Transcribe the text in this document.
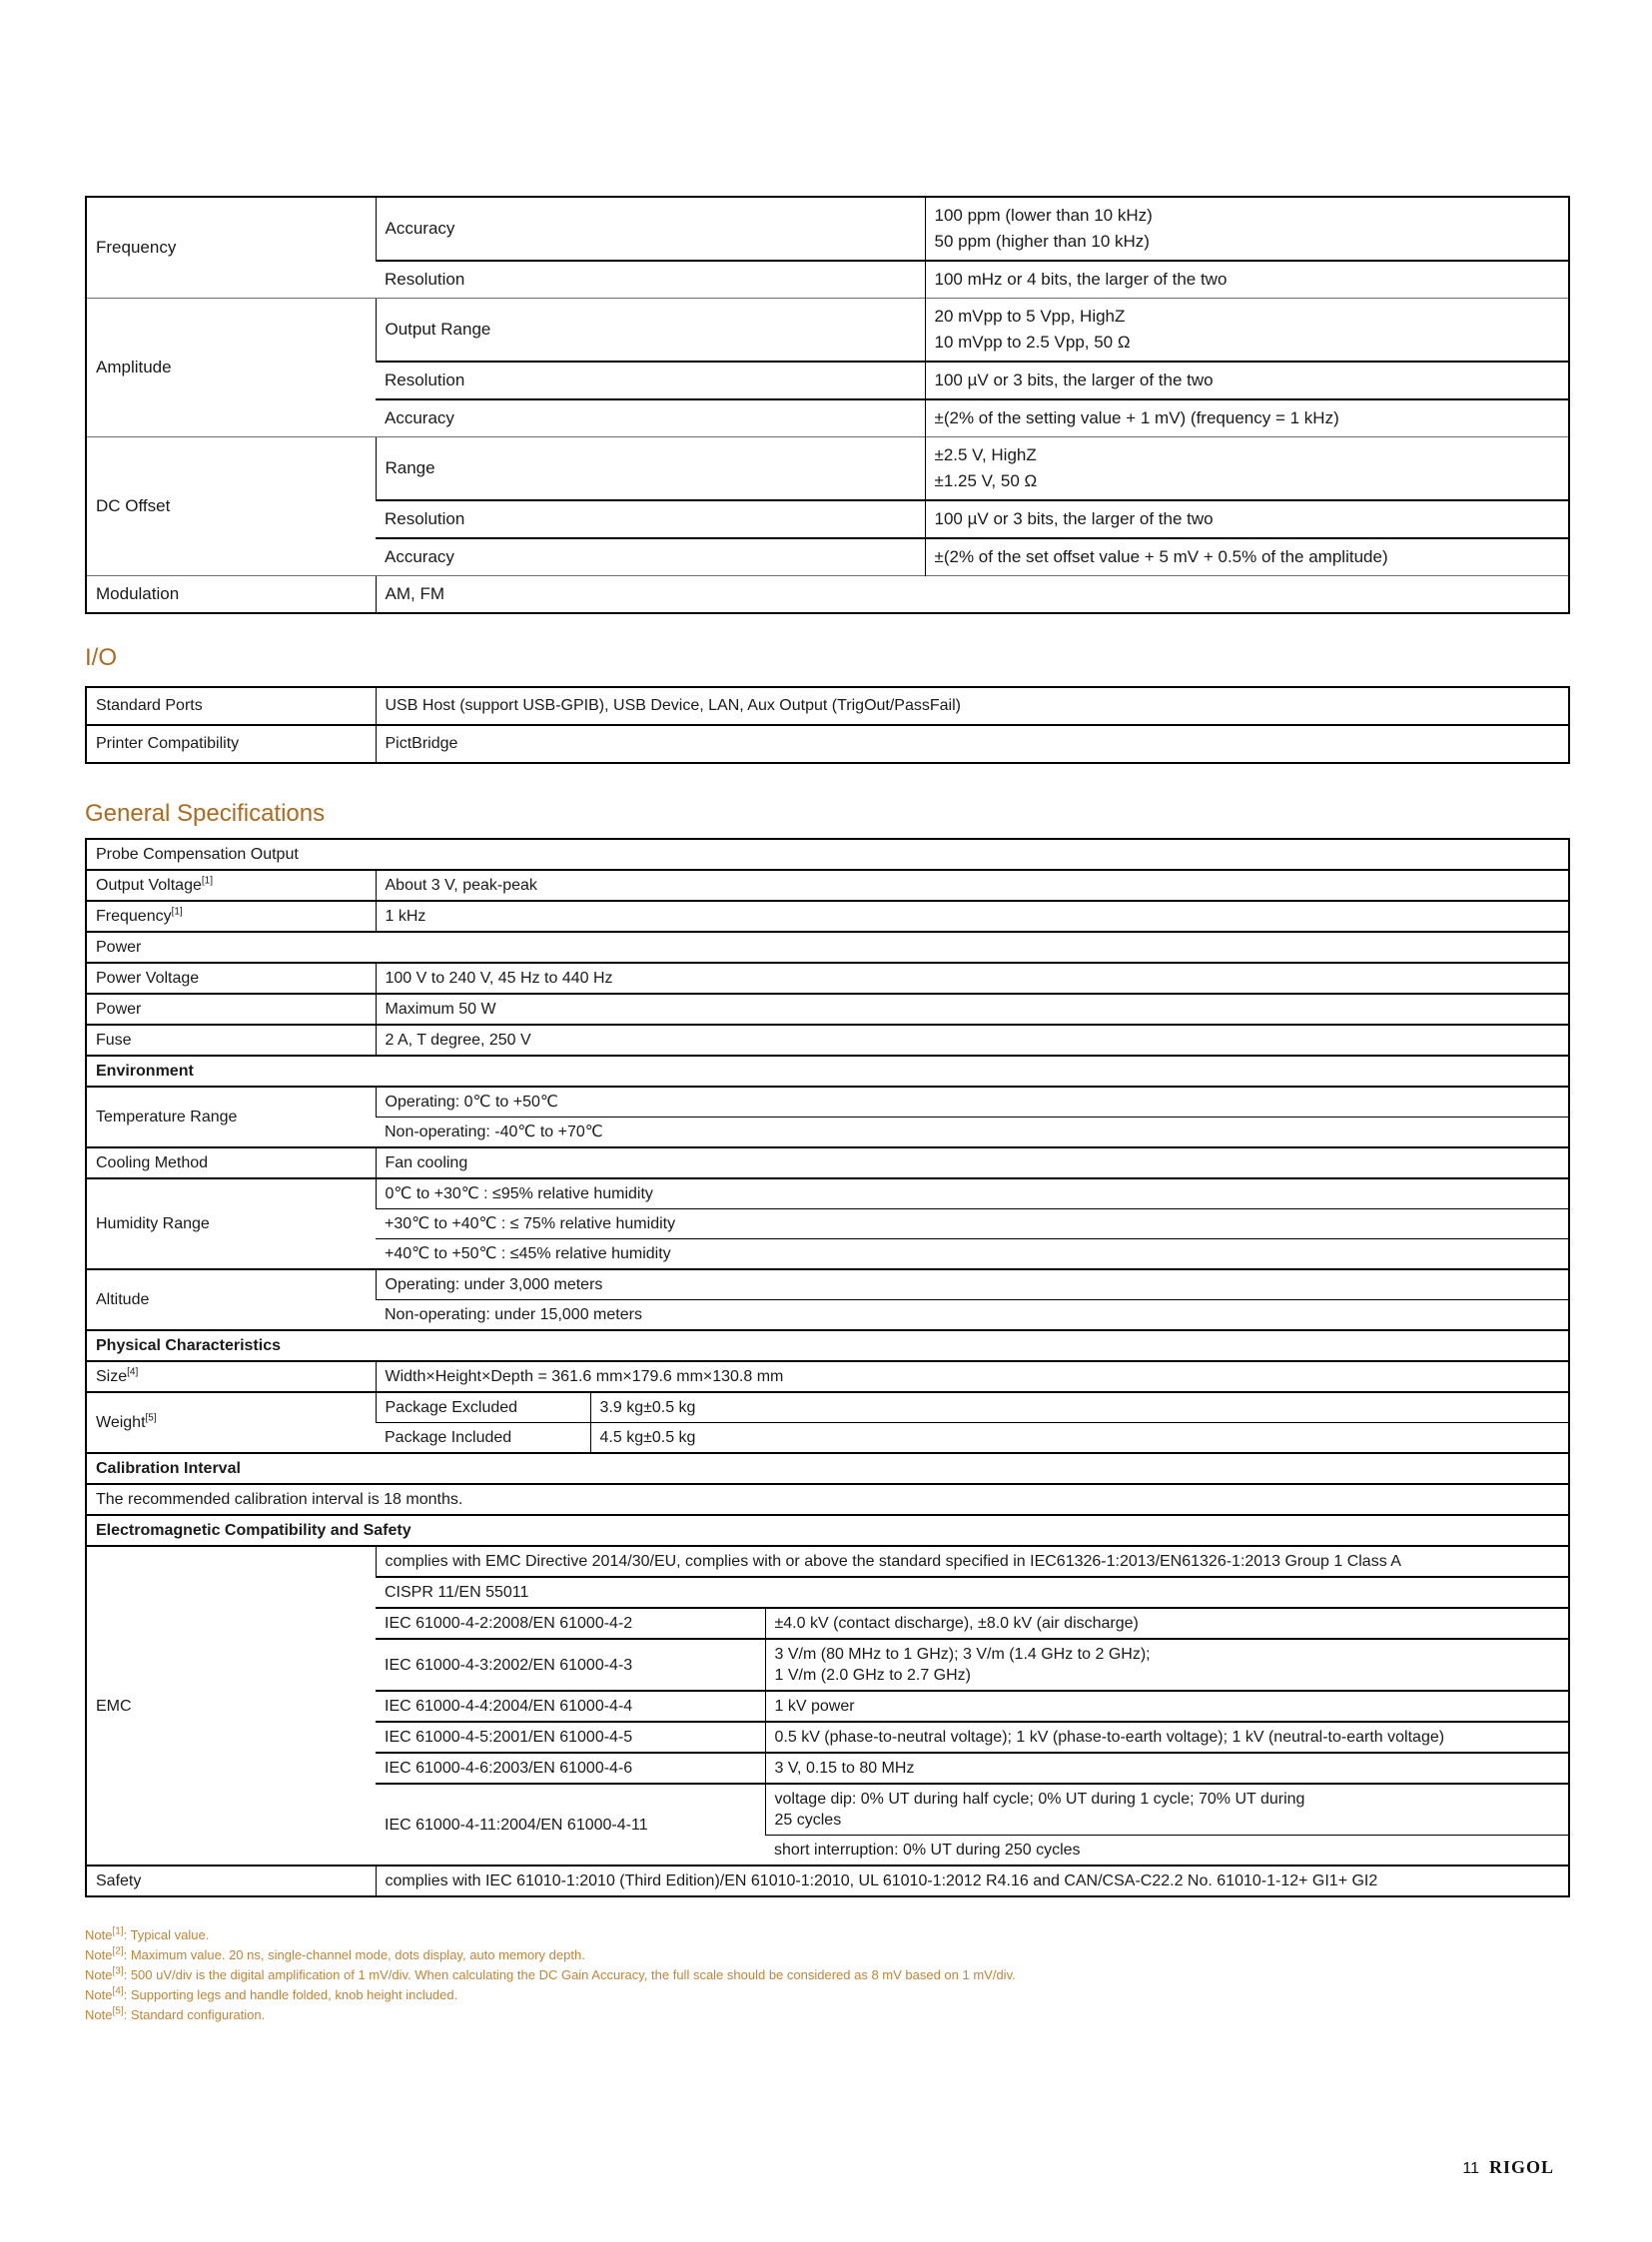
Frequency	Accuracy	100 ppm (lower than 10 kHz)
50 ppm (higher than 10 kHz)
	Resolution	100 mHz or 4 bits, the larger of the two
Amplitude	Output Range	20 mVpp to 5 Vpp, HighZ
10 mVpp to 2.5 Vpp, 50 Ω
	Resolution	100 µV or 3 bits, the larger of the two
	Accuracy	±(2% of the setting value + 1 mV) (frequency = 1 kHz)
DC Offset	Range	±2.5 V, HighZ
±1.25 V, 50 Ω
	Resolution	100 µV or 3 bits, the larger of the two
	Accuracy	±(2% of the set offset value + 5 mV + 0.5% of the amplitude)
Modulation	AM, FM	
I/O
Standard Ports	USB Host (support USB-GPIB), USB Device, LAN, Aux Output (TrigOut/PassFail)
Printer Compatibility	PictBridge
General Specifications
Probe Compensation Output			
Output Voltage[1]	About 3 V, peak-peak		
Frequency[1]	1 kHz		
Power			
Power Voltage	100 V to 240 V, 45 Hz to 440 Hz		
Power	Maximum 50 W		
Fuse	2 A, T degree, 250 V		
Environment			
Temperature Range	Operating: 0℃ to +50℃		
	Non-operating: -40℃ to +70℃		
Cooling Method	Fan cooling		
Humidity Range	0℃ to +30℃ : ≤95% relative humidity		
	+30℃ to +40℃ : ≤ 75% relative humidity		
	+40℃ to +50℃ : ≤45% relative humidity		
Altitude	Operating: under 3,000 meters		
	Non-operating: under 15,000 meters		
Physical Characteristics			
Size[4]	Width×Height×Depth = 361.6 mm×179.6 mm×130.8 mm		
Weight[5]	Package Excluded	3.9 kg±0.5 kg	
	Package Included	4.5 kg±0.5 kg	
Calibration Interval			
The recommended calibration interval is 18 months.			
Electromagnetic Compatibility and Safety			
EMC	complies with EMC Directive 2014/30/EU, complies with or above the standard specified in IEC61326-1:2013/EN61326-1:2013 Group 1 Class A		
	CISPR 11/EN 55011		
	IEC 61000-4-2:2008/EN 61000-4-2		±4.0 kV (contact discharge), ±8.0 kV (air discharge)
	IEC 61000-4-3:2002/EN 61000-4-3		3 V/m (80 MHz to 1 GHz); 3 V/m (1.4 GHz to 2 GHz);
1 V/m (2.0 GHz to 2.7 GHz)
	IEC 61000-4-4:2004/EN 61000-4-4		1 kV power
	IEC 61000-4-5:2001/EN 61000-4-5		0.5 kV (phase-to-neutral voltage); 1 kV (phase-to-earth voltage); 1 kV (neutral-to-earth voltage)
	IEC 61000-4-6:2003/EN 61000-4-6		3 V, 0.15 to 80 MHz
	IEC 61000-4-11:2004/EN 61000-4-11		voltage dip: 0% UT during half cycle; 0% UT during 1 cycle; 70% UT during
25 cycles
			short interruption: 0% UT during 250 cycles
Safety	complies with IEC 61010-1:2010 (Third Edition)/EN 61010-1:2010, UL 61010-1:2012 R4.16 and CAN/CSA-C22.2 No. 61010-1-12+ GI1+ GI2		

Note[1]: Typical value.

Note[2]: Maximum value. 20 ns, single-channel mode, dots display, auto memory depth.

Note[3]: 500 uV/div is the digital amplification of 1 mV/div. When calculating the DC Gain Accuracy, the full scale should be considered as 8 mV based on 1 mV/div.

Note[4]: Supporting legs and handle folded, knob height included.

Note[5]: Standard configuration.

11 RIGOL
